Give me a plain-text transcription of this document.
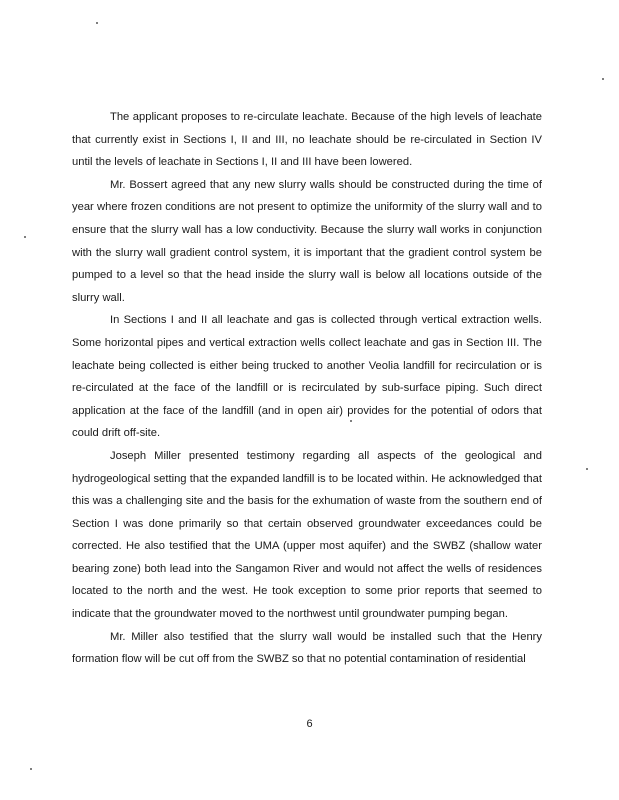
The applicant proposes to re-circulate leachate. Because of the high levels of leachate that currently exist in Sections I, II and III, no leachate should be re-circulated in Section IV until the levels of leachate in Sections I, II and III have been lowered.

Mr. Bossert agreed that any new slurry walls should be constructed during the time of year where frozen conditions are not present to optimize the uniformity of the slurry wall and to ensure that the slurry wall has a low conductivity. Because the slurry wall works in conjunction with the slurry wall gradient control system, it is important that the gradient control system be pumped to a level so that the head inside the slurry wall is below all locations outside of the slurry wall.

In Sections I and II all leachate and gas is collected through vertical extraction wells. Some horizontal pipes and vertical extraction wells collect leachate and gas in Section III. The leachate being collected is either being trucked to another Veolia landfill for recirculation or is re-circulated at the face of the landfill or is recirculated by sub-surface piping. Such direct application at the face of the landfill (and in open air) provides for the potential of odors that could drift off-site.

Joseph Miller presented testimony regarding all aspects of the geological and hydrogeological setting that the expanded landfill is to be located within. He acknowledged that this was a challenging site and the basis for the exhumation of waste from the southern end of Section I was done primarily so that certain observed groundwater exceedances could be corrected. He also testified that the UMA (upper most aquifer) and the SWBZ (shallow water bearing zone) both lead into the Sangamon River and would not affect the wells of residences located to the north and the west. He took exception to some prior reports that seemed to indicate that the groundwater moved to the northwest until groundwater pumping began.

Mr. Miller also testified that the slurry wall would be installed such that the Henry formation flow will be cut off from the SWBZ so that no potential contamination of residential

6
